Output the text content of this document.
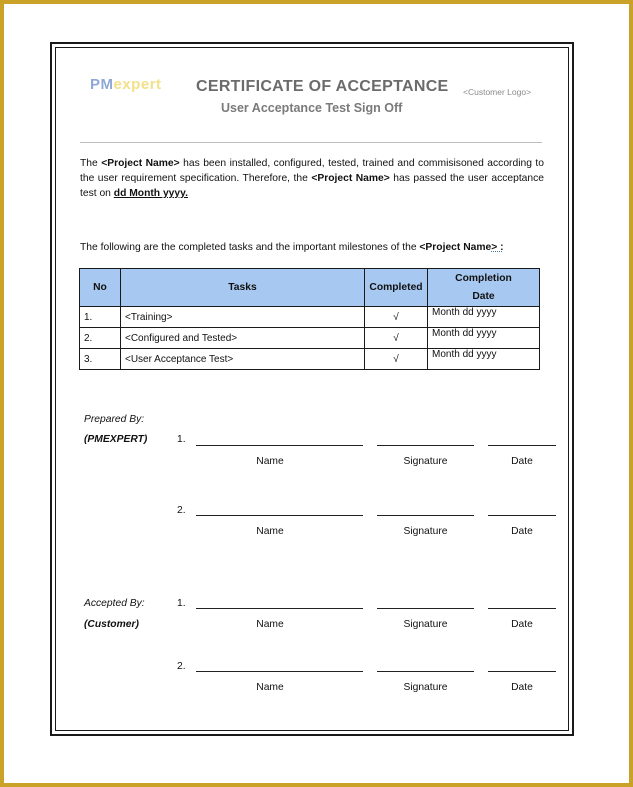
PMexpert CERTIFICATE OF ACCEPTANCE
User Acceptance Test Sign Off
<Customer Logo>
The <Project Name> has been installed, configured, tested, trained and commisisoned according to the user requirement specification. Therefore, the <Project Name> has passed the user acceptance test on dd Month yyyy.
The following are the completed tasks and the important milestones of the <Project Name> :
No	Tasks	Completed	Completion
Date
1.	<Training>	√	Month dd yyyy
2.	<Configured and Tested>	√	Month dd yyyy
3.	<User Acceptance Test>	√	Month dd yyyy
Prepared By:
(PMEXPERT)	1.
Name	Signature	Date
2.
Name	Signature	Date
Accepted By:
(Customer)
1.
Name	Signature	Date
2.
Name	Signature	Date
